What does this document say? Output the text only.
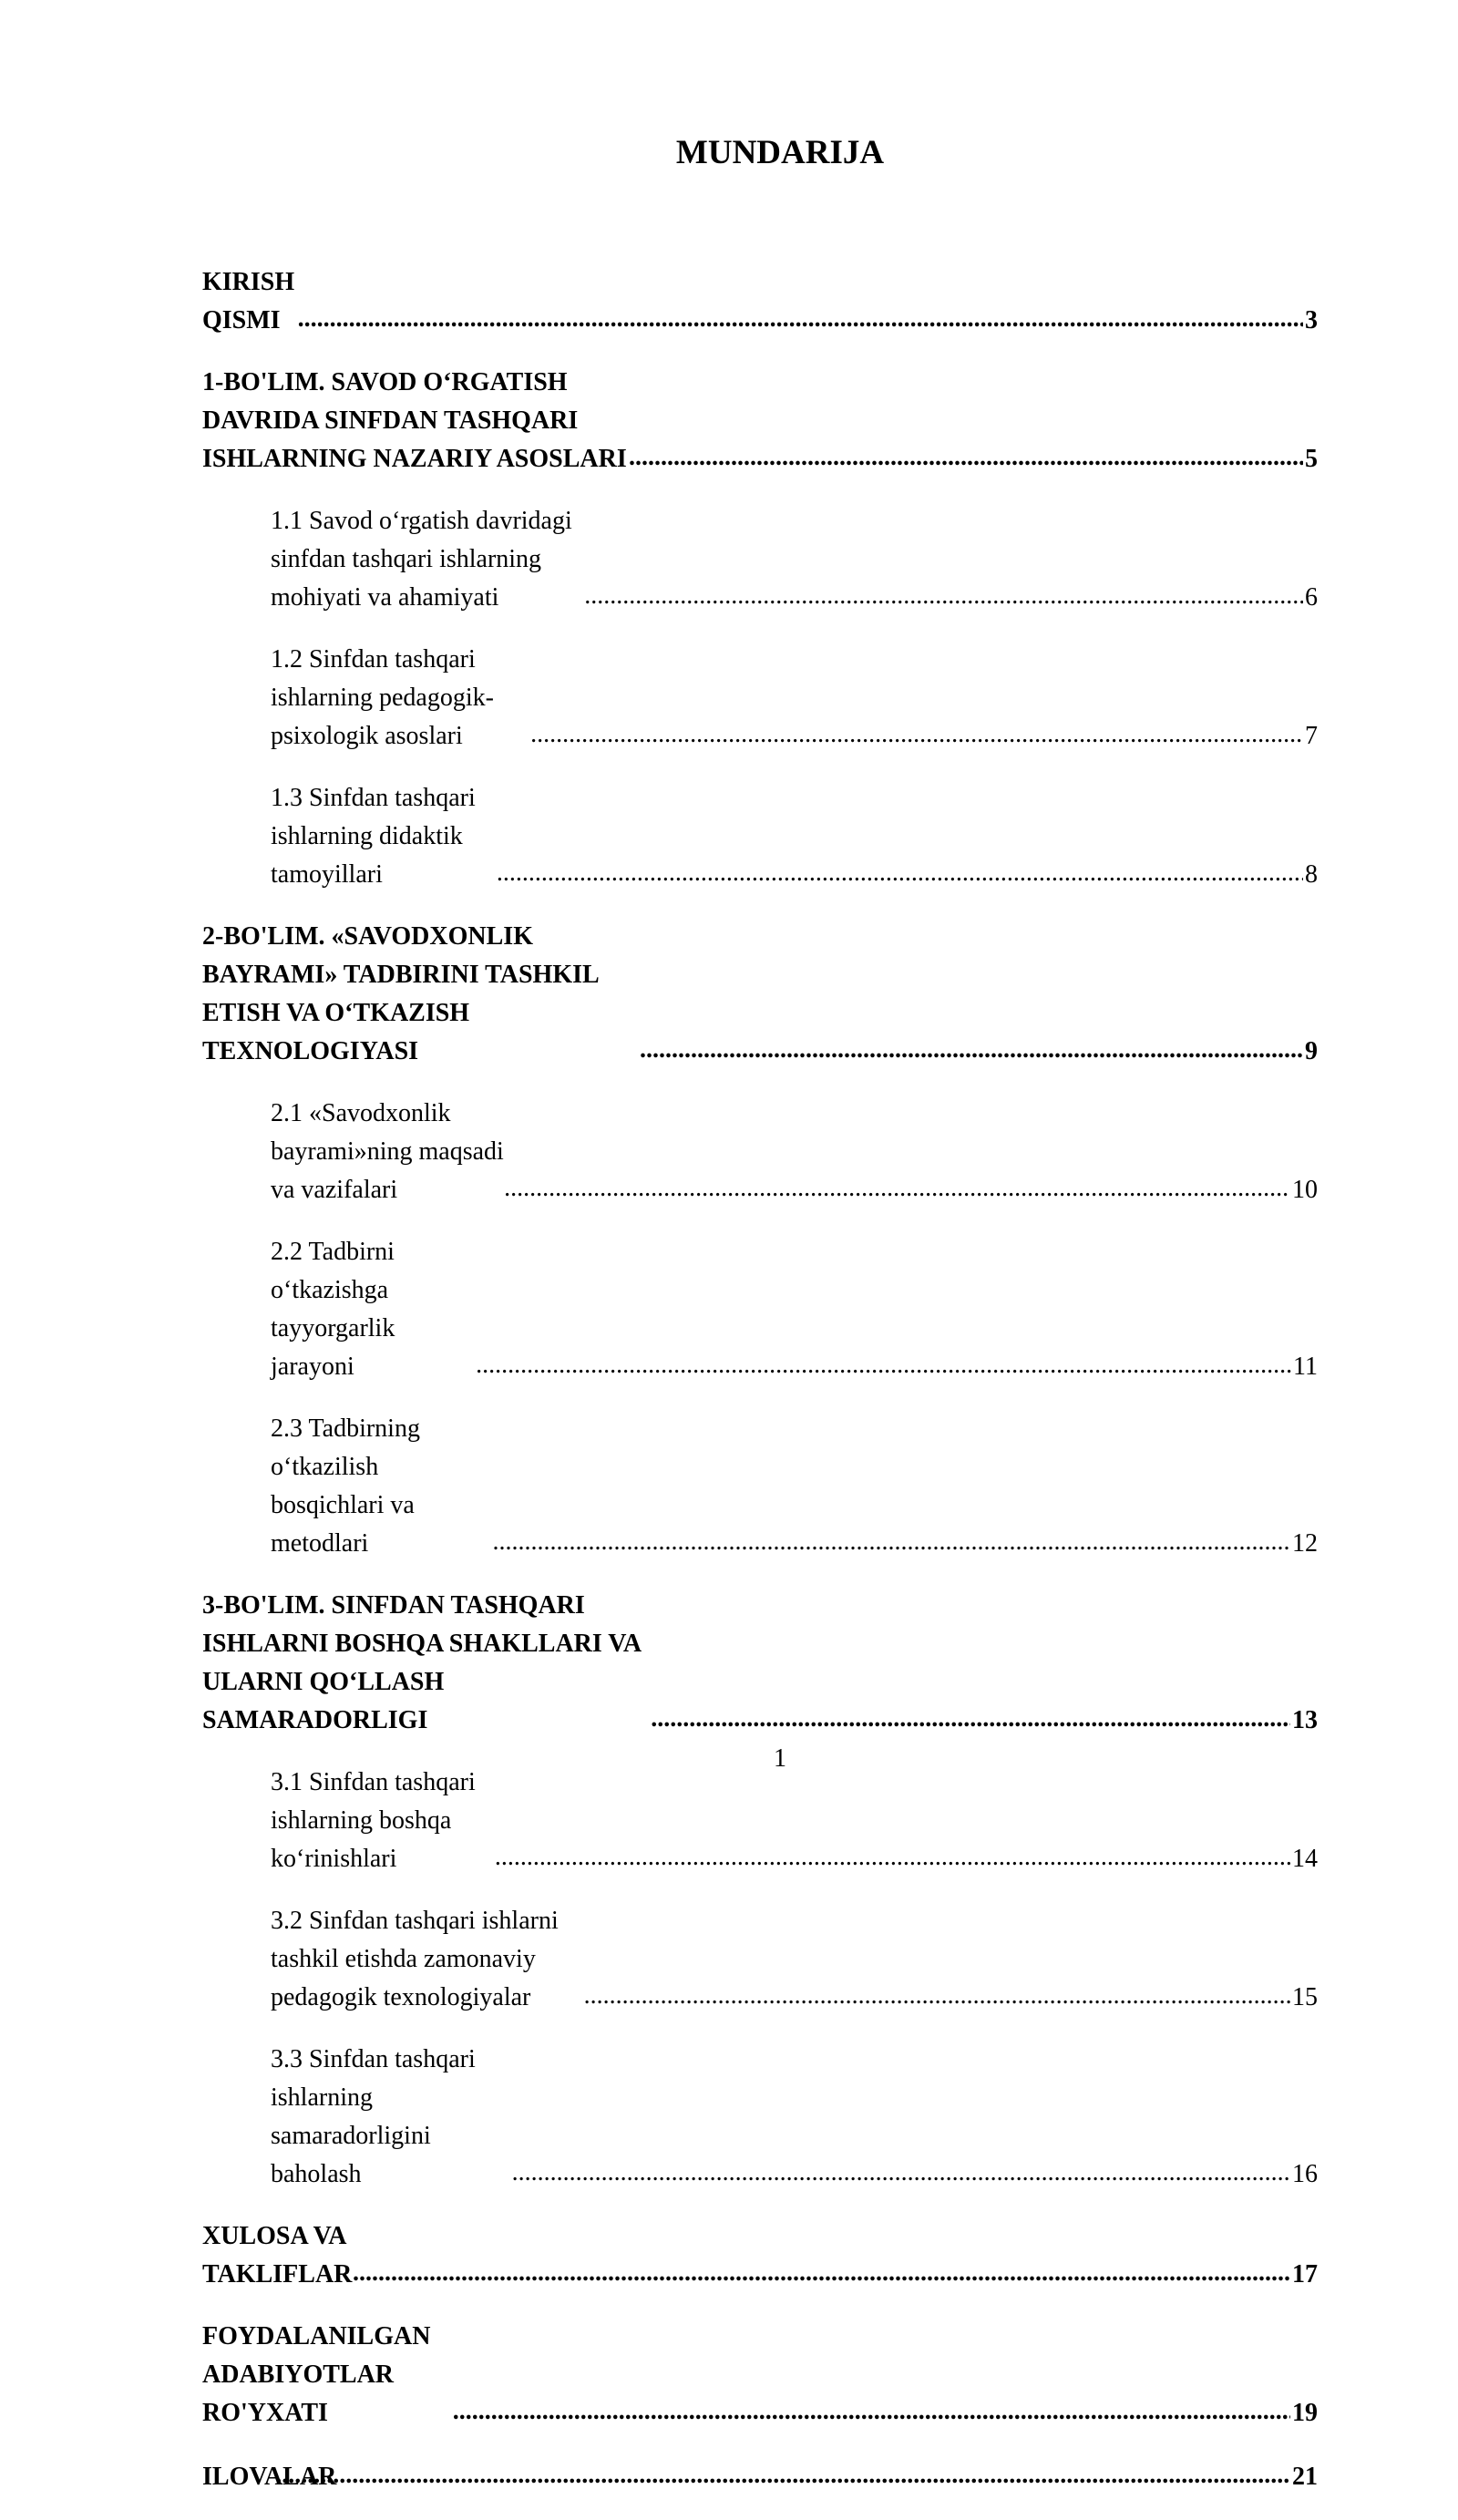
MUNDARIJA
KIRISH QISMI .....	3
1-BO'LIM. SAVOD O‘RGATISH DAVRIDA SINFDAN TASHQARI ISHLARNING NAZARIY ASOSLARI .....	5
1.1 Savod o‘rgatish davridagi sinfdan tashqari ishlarning mohiyati va ahamiyati .....	6
1.2 Sinfdan tashqari ishlarning pedagogik-psixologik asoslari .....	7
1.3 Sinfdan tashqari ishlarning didaktik tamoyillari .....	8
2-BO'LIM. «SAVODXONLIK BAYRAMI» TADBIRINI TASHKIL ETISH VA O‘TKAZISH TEXNOLOGIYASI .....	9
2.1 «Savodxonlik bayrami»ning maqsadi va vazifalari .....	10
2.2 Tadbirni o‘tkazishga tayyorgarlik jarayoni .....	11
2.3 Tadbirning o‘tkazilish bosqichlari va metodlari .....	12
3-BO'LIM. SINFDAN TASHQARI ISHLARNI BOSHQA SHAKLLARI VA ULARNI QO‘LLASH SAMARADORLIGI .....	13
3.1 Sinfdan tashqari ishlarning boshqa ko‘rinishlari .....	14
3.2 Sinfdan tashqari ishlarni tashkil etishda zamonaviy pedagogik texnologiyalar .....	15
3.3 Sinfdan tashqari ishlarning samaradorligini baholash .....	16
XULOSA VA TAKLIFLAR .....	17
FOYDALANILGAN ADABIYOTLAR RO'YXATI .....	19
ILOVALAR .....	21
1
